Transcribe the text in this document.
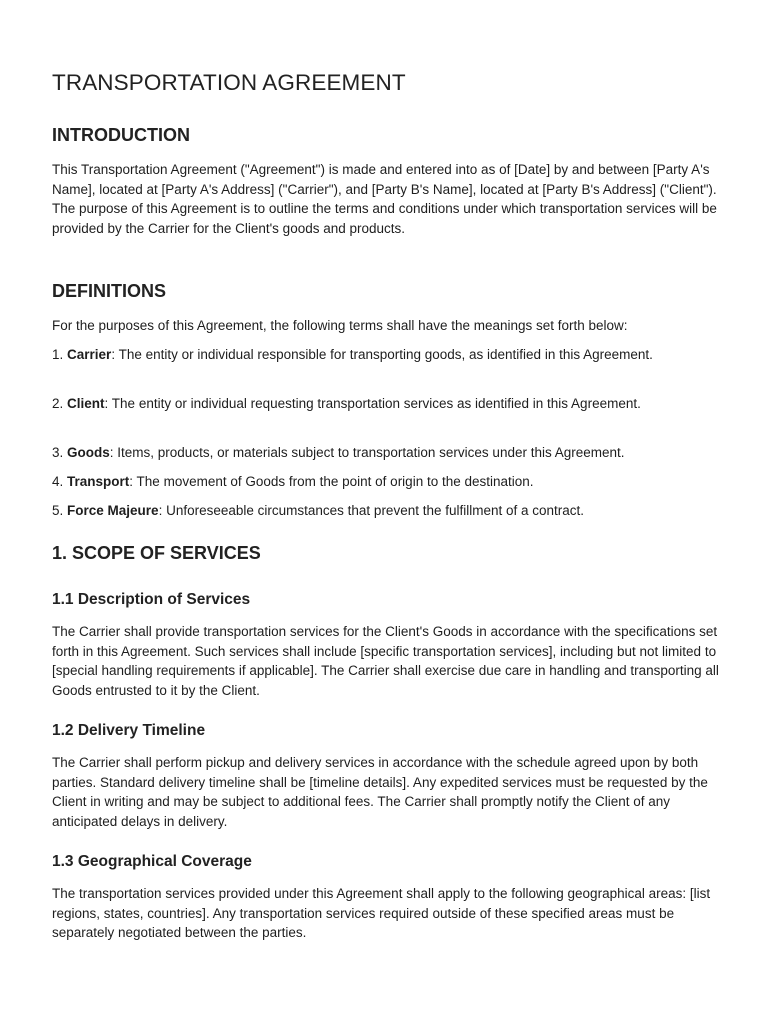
TRANSPORTATION AGREEMENT
INTRODUCTION

This Transportation Agreement ("Agreement") is made and entered into as of [Date] by and between [Party A's Name], located at [Party A's Address] ("Carrier"), and [Party B's Name], located at [Party B's Address] ("Client"). The purpose of this Agreement is to outline the terms and conditions under which transportation services will be provided by the Carrier for the Client's goods and products.

DEFINITIONS

For the purposes of this Agreement, the following terms shall have the meanings set forth below:

1. Carrier: The entity or individual responsible for transporting goods, as identified in this Agreement.

2. Client: The entity or individual requesting transportation services as identified in this Agreement.

3. Goods: Items, products, or materials subject to transportation services under this Agreement.

4. Transport: The movement of Goods from the point of origin to the destination.

5. Force Majeure: Unforeseeable circumstances that prevent the fulfillment of a contract.

1. SCOPE OF SERVICES
1.1 Description of Services

The Carrier shall provide transportation services for the Client's Goods in accordance with the specifications set forth in this Agreement. Such services shall include [specific transportation services], including but not limited to [special handling requirements if applicable]. The Carrier shall exercise due care in handling and transporting all Goods entrusted to it by the Client.

1.2 Delivery Timeline

The Carrier shall perform pickup and delivery services in accordance with the schedule agreed upon by both parties. Standard delivery timeline shall be [timeline details]. Any expedited services must be requested by the Client in writing and may be subject to additional fees. The Carrier shall promptly notify the Client of any anticipated delays in delivery.

1.3 Geographical Coverage

The transportation services provided under this Agreement shall apply to the following geographical areas: [list regions, states, countries]. Any transportation services required outside of these specified areas must be separately negotiated between the parties.
